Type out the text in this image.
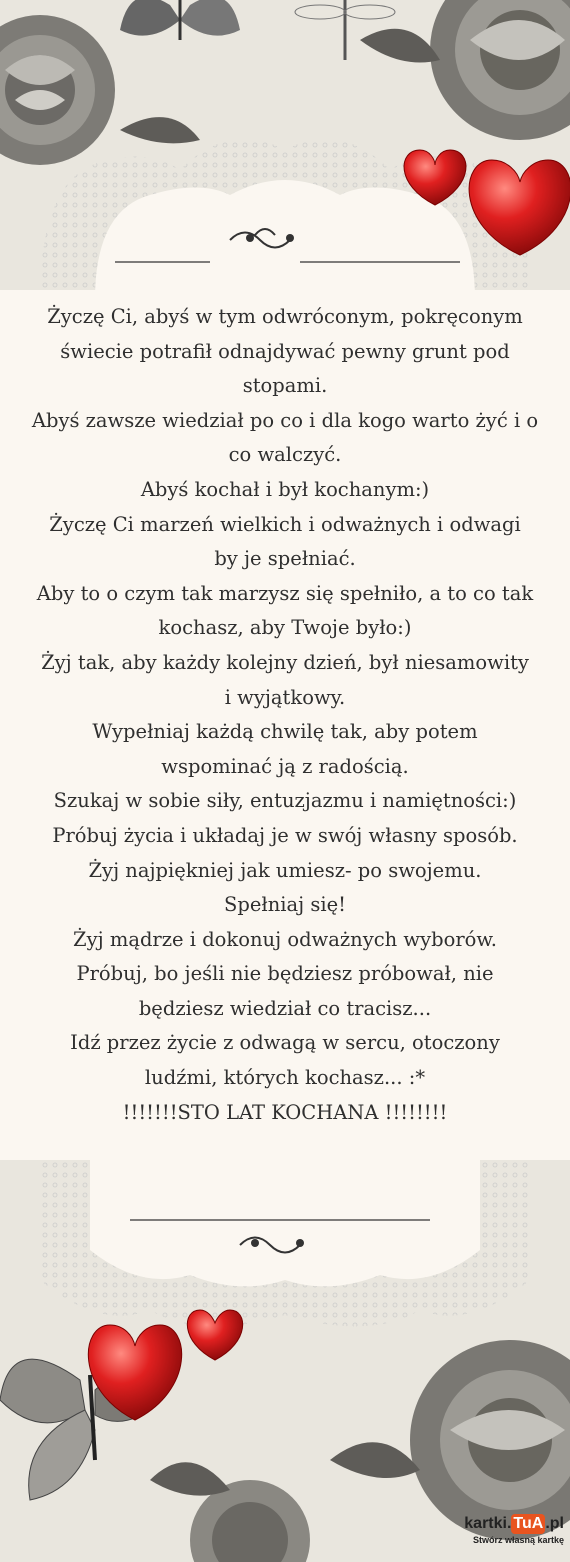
Życzę Ci, abyś w tym odwróconym, pokręconym

świecie potrafił odnajdywać pewny grunt pod

stopami.

Abyś zawsze wiedział po co i dla kogo warto żyć i o

co walczyć.

Abyś kochał i był kochanym:)

Życzę Ci marzeń wielkich i odważnych i odwagi

by je spełniać.

Aby to o czym tak marzysz się spełniło, a to co tak

kochasz, aby Twoje było:)

Żyj tak, aby każdy kolejny dzień, był niesamowity

i wyjątkowy.

Wypełniaj każdą chwilę tak, aby potem

wspominać ją z radością.

Szukaj w sobie siły, entuzjazmu i namiętności:)

Próbuj życia i układaj je w swój własny sposób.

Żyj najpiękniej jak umiesz- po swojemu.

Spełniaj się!

Żyj mądrze i dokonuj odważnych wyborów.

Próbuj, bo jeśli nie będziesz próbował, nie

będziesz wiedział co tracisz...

Idź przez życie z odwagą w sercu, otoczony

ludźmi, których kochasz... :*

!!!!!!!STO LAT KOCHANA !!!!!!!!

kartki. TuA .pl
Stwórz własną kartkę
